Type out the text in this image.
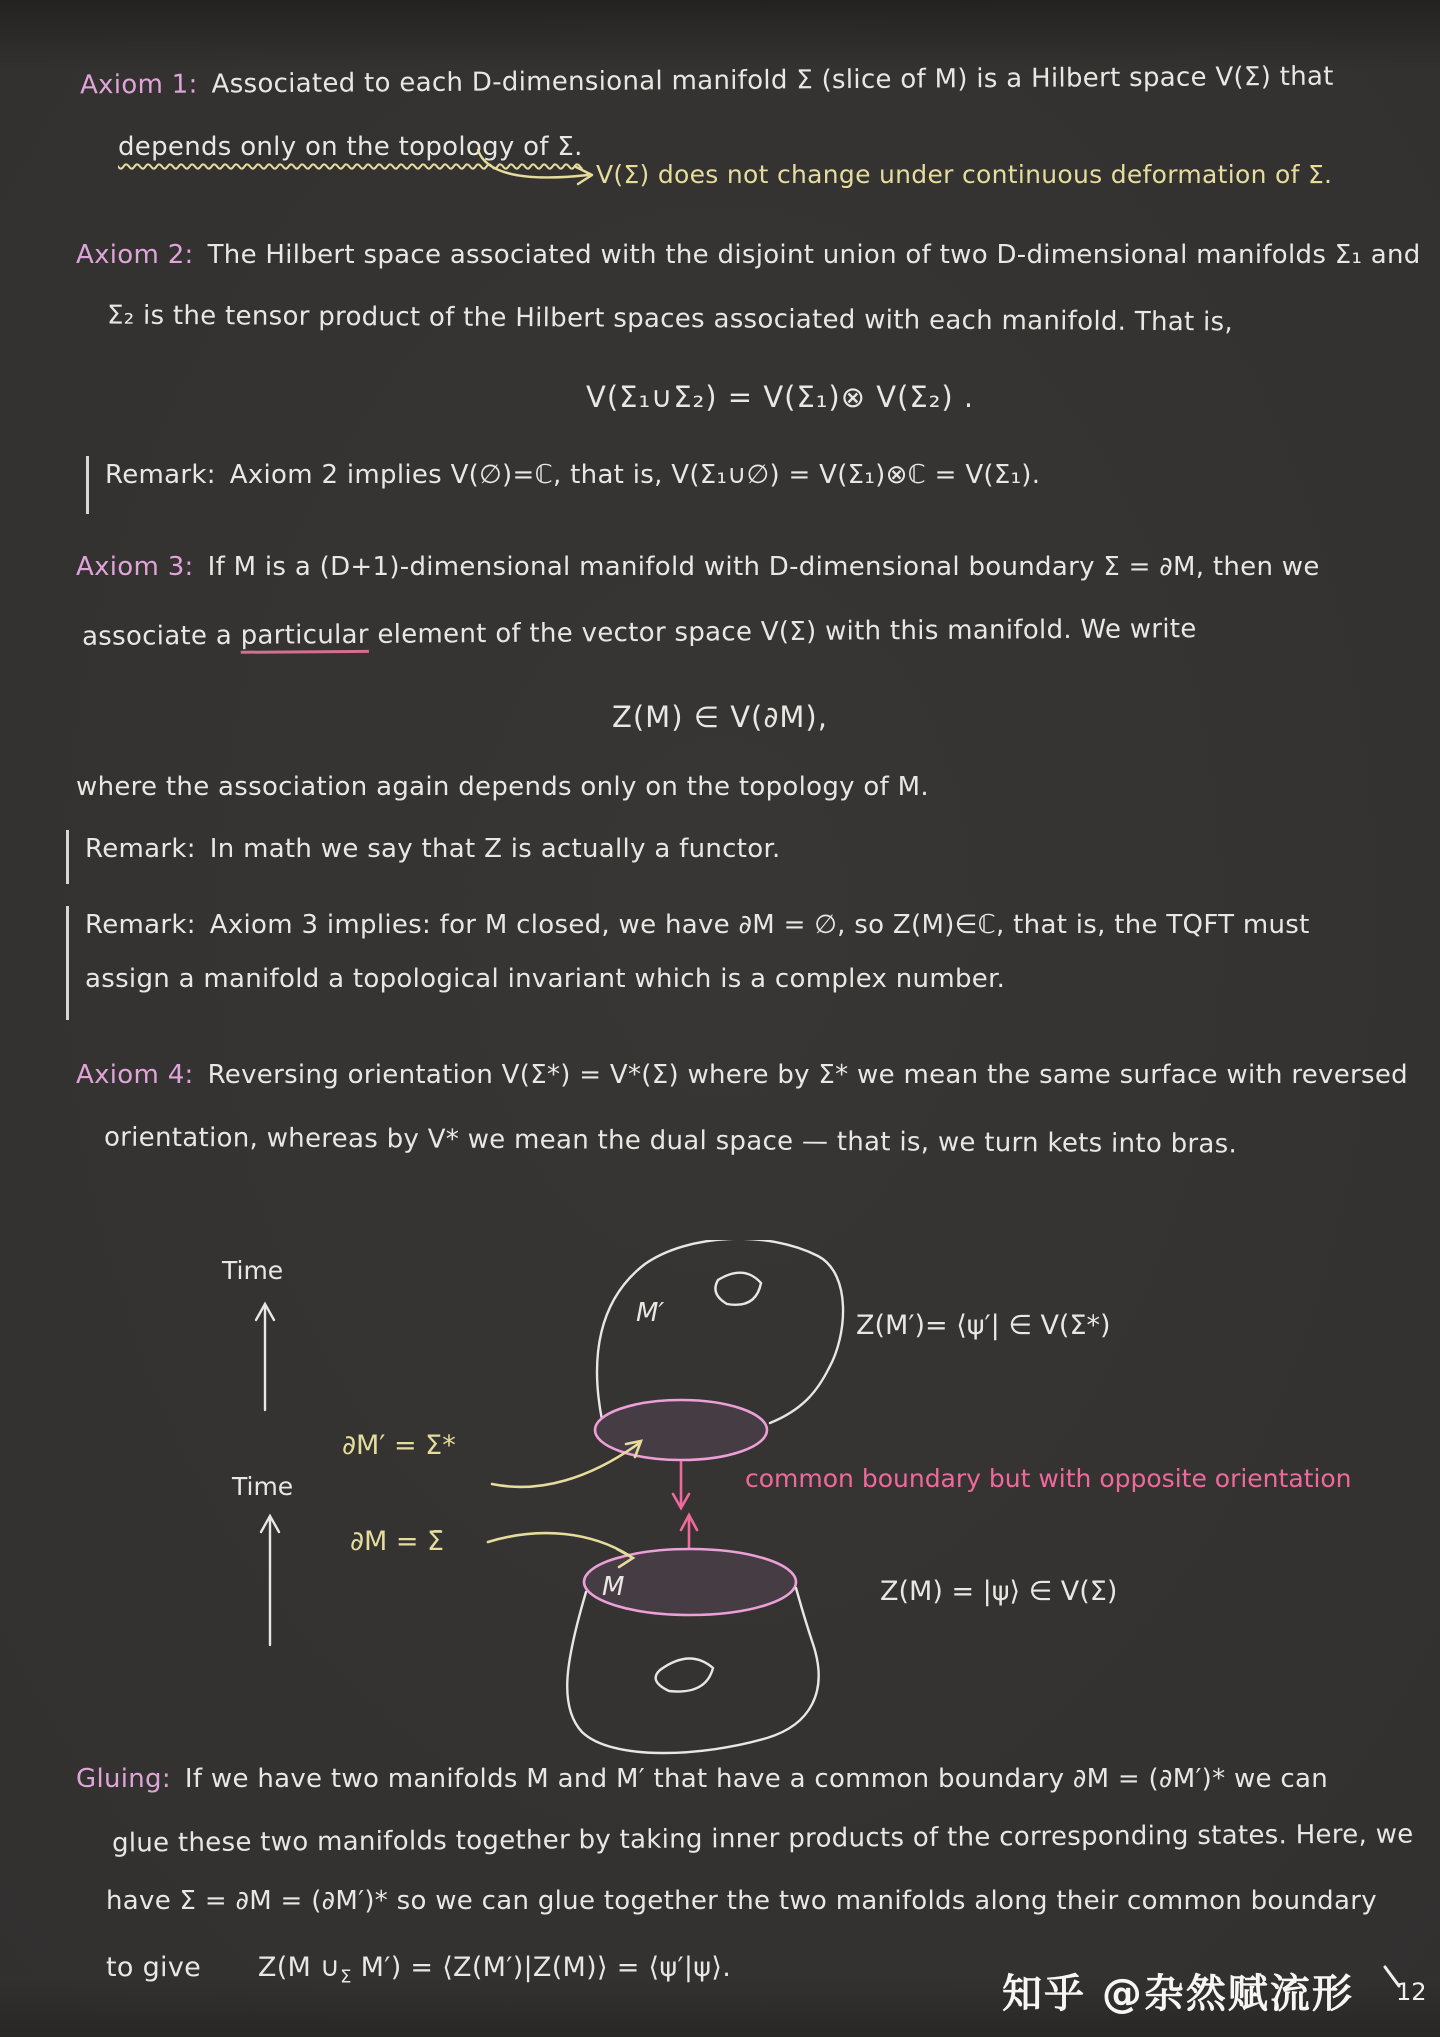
Axiom 1: Associated to each D-dimensional manifold Σ (slice of M) is a Hilbert space V(Σ) that
depends only on the topology of Σ.
V(Σ) does not change under continuous deformation of Σ.
Axiom 2: The Hilbert space associated with the disjoint union of two D-dimensional manifolds Σ₁ and
Σ₂ is the tensor product of the Hilbert spaces associated with each manifold. That is,
V(Σ₁∪Σ₂) = V(Σ₁)⊗ V(Σ₂) .
Remark: Axiom 2 implies V(∅)=ℂ, that is, V(Σ₁∪∅) = V(Σ₁)⊗ℂ = V(Σ₁).
Axiom 3: If M is a (D+1)-dimensional manifold with D-dimensional boundary Σ = ∂M, then we
associate a particular element of the vector space V(Σ) with this manifold. We write
Z(M) ∈ V(∂M),
where the association again depends only on the topology of M.
Remark: In math we say that Z is actually a functor.
Remark: Axiom 3 implies: for M closed, we have ∂M = ∅, so Z(M)∈ℂ, that is, the TQFT must
assign a manifold a topological invariant which is a complex number.
Axiom 4: Reversing orientation V(Σ*) = V*(Σ) where by Σ* we mean the same surface with reversed
orientation, whereas by V* we mean the dual space — that is, we turn kets into bras.
Time
M′	Z(M′)= ⟨ψ′| ∈ V(Σ*)
∂M′ = Σ*
common boundary but with opposite orientation
Time
∂M = Σ̄
M	Z(M) = |ψ⟩ ∈ V(Σ)
Gluing: If we have two manifolds M and M′ that have a common boundary ∂M = (∂M′)* we can
glue these two manifolds together by taking inner products of the corresponding states. Here, we
have Σ = ∂M = (∂M′)* so we can glue together the two manifolds along their common boundary
to give Z(M $\cup_\Sigma$ M′) = ⟨Z(M′)|Z(M)⟩ = ⟨ψ′|ψ⟩.
知乎 @杂然赋流形 12
